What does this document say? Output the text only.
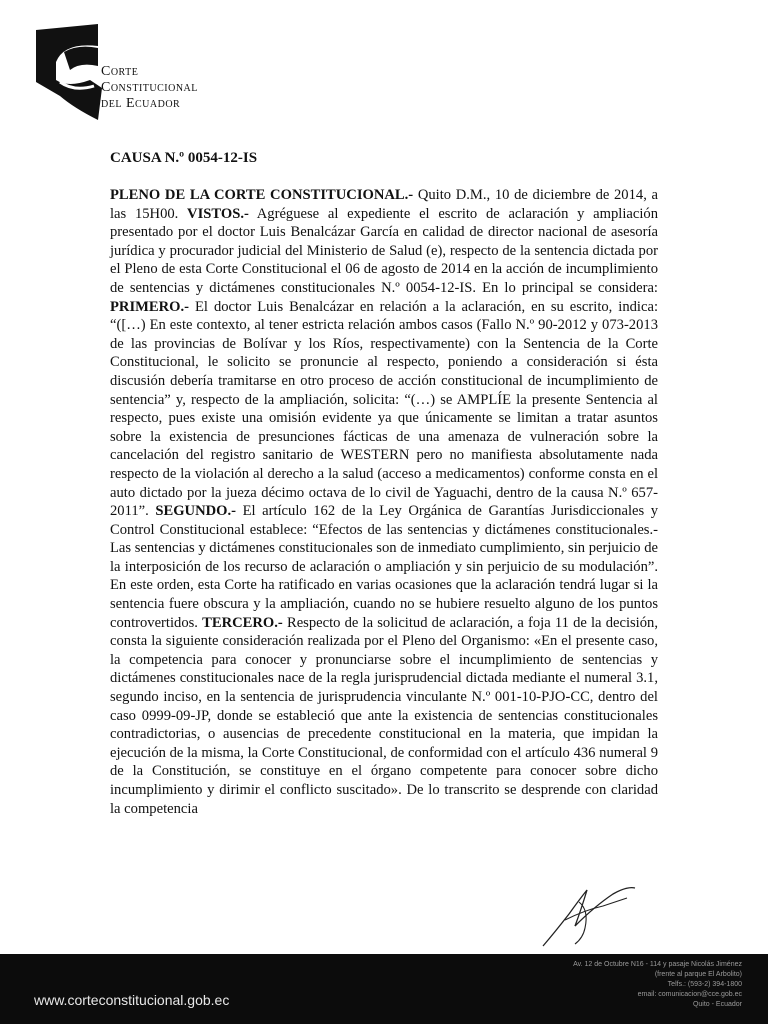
Corte
Constitucional
del Ecuador
CAUSA N.º 0054-12-IS
PLENO DE LA CORTE CONSTITUCIONAL.- Quito D.M., 10 de diciembre de 2014, a las 15H00. VISTOS.- Agréguese al expediente el escrito de aclaración y ampliación presentado por el doctor Luis Benalcázar García en calidad de director nacional de asesoría jurídica y procurador judicial del Ministerio de Salud (e), respecto de la sentencia dictada por el Pleno de esta Corte Constitucional el 06 de agosto de 2014 en la acción de incumplimiento de sentencias y dictámenes constitucionales N.º 0054-12-IS. En lo principal se considera: PRIMERO.- El doctor Luis Benalcázar en relación a la aclaración, en su escrito, indica: “([…) En este contexto, al tener estricta relación ambos casos (Fallo N.º 90-2012 y 073-2013 de las provincias de Bolívar y los Ríos, respectivamente) con la Sentencia de la Corte Constitucional, le solicito se pronuncie al respecto, poniendo a consideración si ésta discusión debería tramitarse en otro proceso de acción constitucional de incumplimiento de sentencia” y, respecto de la ampliación, solicita: “(…) se AMPLÍE la presente Sentencia al respecto, pues existe una omisión evidente ya que únicamente se limitan a tratar asuntos sobre la existencia de presunciones fácticas de una amenaza de vulneración sobre la cancelación del registro sanitario de WESTERN pero no manifiesta absolutamente nada respecto de la violación al derecho a la salud (acceso a medicamentos) conforme consta en el auto dictado por la jueza décimo octava de lo civil de Yaguachi, dentro de la causa N.º 657-2011”. SEGUNDO.- El artículo 162 de la Ley Orgánica de Garantías Jurisdiccionales y Control Constitucional establece: “Efectos de las sentencias y dictámenes constitucionales.- Las sentencias y dictámenes constitucionales son de inmediato cumplimiento, sin perjuicio de la interposición de los recurso de aclaración o ampliación y sin perjuicio de su modulación”. En este orden, esta Corte ha ratificado en varias ocasiones que la aclaración tendrá lugar si la sentencia fuere obscura y la ampliación, cuando no se hubiere resuelto alguno de los puntos controvertidos. TERCERO.- Respecto de la solicitud de aclaración, a foja 11 de la decisión, consta la siguiente consideración realizada por el Pleno del Organismo: «En el presente caso, la competencia para conocer y pronunciarse sobre el incumplimiento de sentencias y dictámenes constitucionales nace de la regla jurisprudencial dictada mediante el numeral 3.1, segundo inciso, en la sentencia de jurisprudencia vinculante N.º 001-10-PJO-CC, dentro del caso 0999-09-JP, donde se estableció que ante la existencia de sentencias constitucionales contradictorias, o ausencias de precedente constitucional en la materia, que impidan la ejecución de la misma, la Corte Constitucional, de conformidad con el artículo 436 numeral 9 de la Constitución, se constituye en el órgano competente para conocer sobre dicho incumplimiento y dirimir el conflicto suscitado». De lo transcrito se desprende con claridad la competencia
Av. 12 de Octubre N16 - 114 y pasaje Nicolás Jiménez
(frente al parque El Arbolito)
Telfs.: (593-2) 394-1800
email: comunicacion@cce.gob.ec
Quito - Ecuador
www.corteconstitucional.gob.ec
